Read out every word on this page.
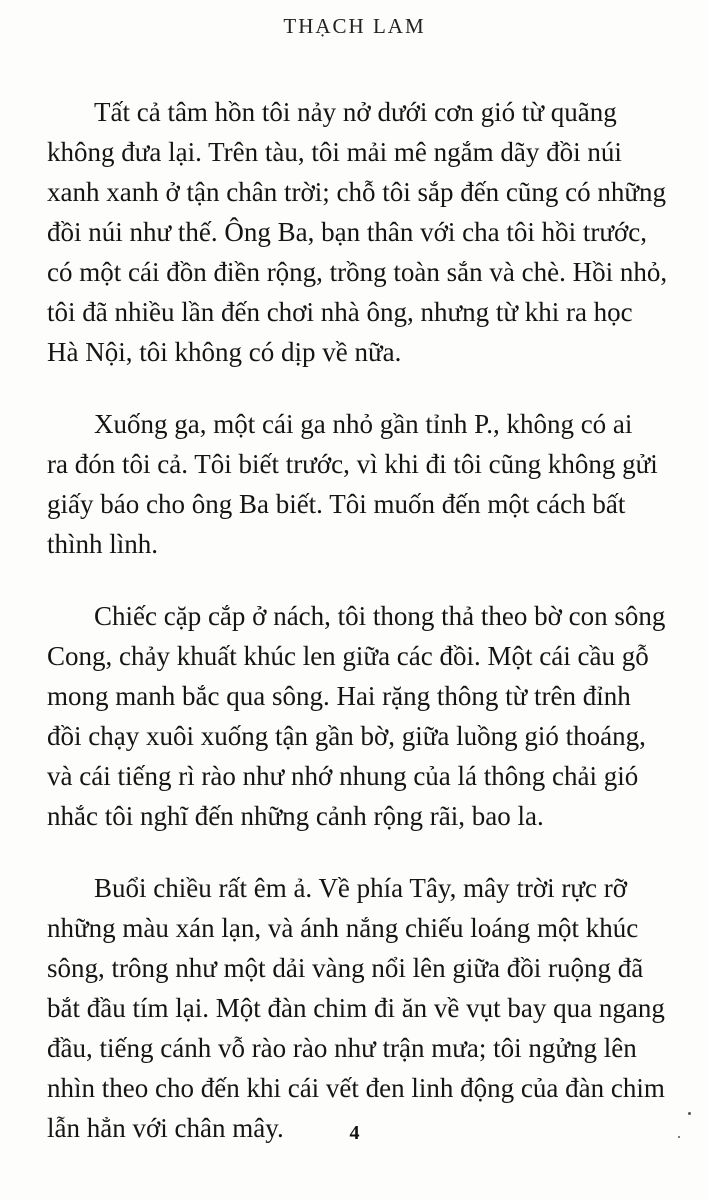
THẠCH LAM
Tất cả tâm hồn tôi nảy nở dưới cơn gió từ quãng
không đưa lại. Trên tàu, tôi mải mê ngắm dãy đồi núi
xanh xanh ở tận chân trời; chỗ tôi sắp đến cũng có những
đồi núi như thế. Ông Ba, bạn thân với cha tôi hồi trước,
có một cái đồn điền rộng, trồng toàn sắn và chè. Hồi nhỏ,
tôi đã nhiều lần đến chơi nhà ông, nhưng từ khi ra học
Hà Nội, tôi không có dịp về nữa.
Xuống ga, một cái ga nhỏ gần tỉnh P., không có ai
ra đón tôi cả. Tôi biết trước, vì khi đi tôi cũng không gửi
giấy báo cho ông Ba biết. Tôi muốn đến một cách bất
thình lình.
Chiếc cặp cắp ở nách, tôi thong thả theo bờ con sông
Cong, chảy khuất khúc len giữa các đồi. Một cái cầu gỗ
mong manh bắc qua sông. Hai rặng thông từ trên đỉnh
đồi chạy xuôi xuống tận gần bờ, giữa luồng gió thoáng,
và cái tiếng rì rào như nhớ nhung của lá thông chải gió
nhắc tôi nghĩ đến những cảnh rộng rãi, bao la.
Buổi chiều rất êm ả. Về phía Tây, mây trời rực rỡ
những màu xán lạn, và ánh nắng chiếu loáng một khúc
sông, trông như một dải vàng nổi lên giữa đồi ruộng đã
bắt đầu tím lại. Một đàn chim đi ăn về vụt bay qua ngang
đầu, tiếng cánh vỗ rào rào như trận mưa; tôi ngửng lên
nhìn theo cho đến khi cái vết đen linh động của đàn chim
lẫn hẳn với chân mây.	4
